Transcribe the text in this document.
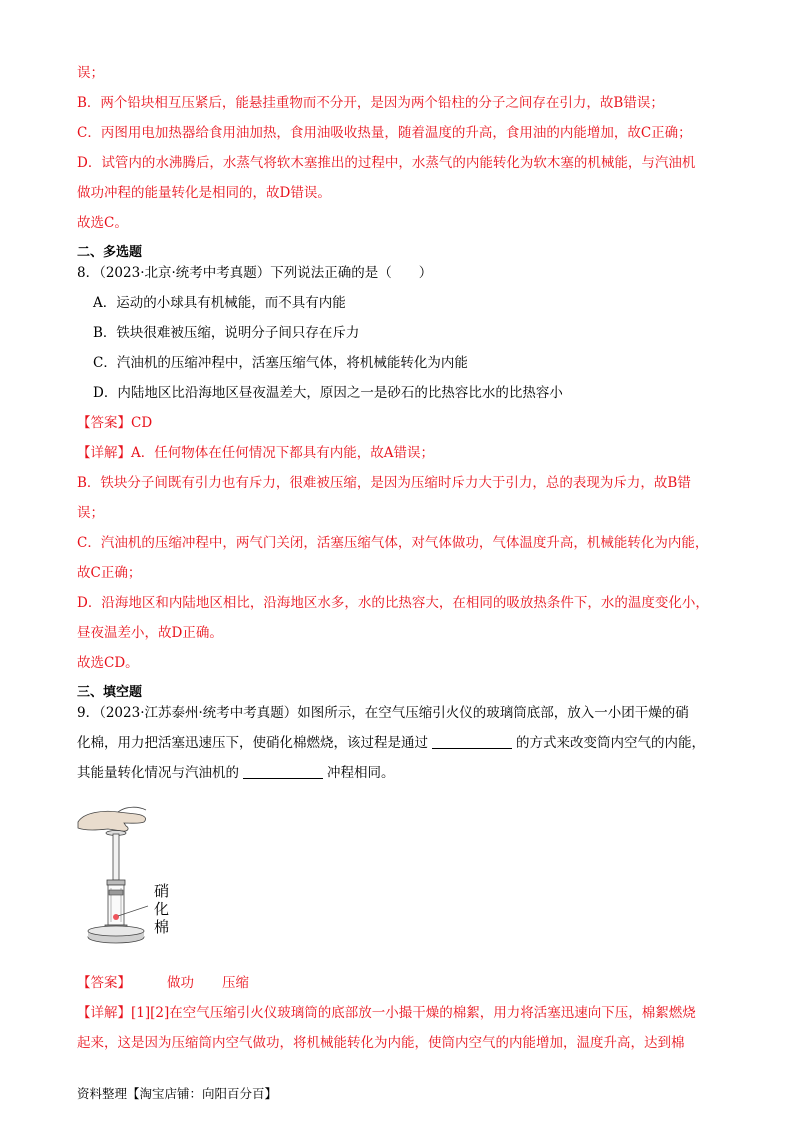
误；
B．两个铅块相互压紧后，能悬挂重物而不分开，是因为两个铅柱的分子之间存在引力，故B错误；
C．丙图用电加热器给食用油加热，食用油吸收热量，随着温度的升高，食用油的内能增加，故C正确；
D．试管内的水沸腾后，水蒸气将软木塞推出的过程中，水蒸气的内能转化为软木塞的机械能，与汽油机
做功冲程的能量转化是相同的，故D错误。
故选C。
二、多选题
8．（2023·北京·统考中考真题）下列说法正确的是（　　）
A．运动的小球具有机械能，而不具有内能
B．铁块很难被压缩，说明分子间只存在斥力
C．汽油机的压缩冲程中，活塞压缩气体，将机械能转化为内能
D．内陆地区比沿海地区昼夜温差大，原因之一是砂石的比热容比水的比热容小
【答案】CD
【详解】A．任何物体在任何情况下都具有内能，故A错误；
B．铁块分子间既有引力也有斥力，很难被压缩，是因为压缩时斥力大于引力，总的表现为斥力，故B错
误；
C．汽油机的压缩冲程中，两气门关闭，活塞压缩气体，对气体做功，气体温度升高，机械能转化为内能，
故C正确；
D．沿海地区和内陆地区相比，沿海地区水多，水的比热容大，在相同的吸放热条件下，水的温度变化小，
昼夜温差小，故D正确。
故选CD。
三、填空题
9．（2023·江苏泰州·统考中考真题）如图所示，在空气压缩引火仪的玻璃筒底部，放入一小团干燥的硝
化棉，用力把活塞迅速压下，使硝化棉燃烧，该过程是通过	的方式来改变筒内空气的内能，
其能量转化情况与汽油机的	冲程相同。
硝
化
棉
【答案】	做功 压缩
【详解】[1][2]在空气压缩引火仪玻璃筒的底部放一小撮干燥的棉絮，用力将活塞迅速向下压，棉絮燃烧
起来，这是因为压缩筒内空气做功，将机械能转化为内能，使筒内空气的内能增加，温度升高，达到棉
资料整理【淘宝店铺：向阳百分百】
